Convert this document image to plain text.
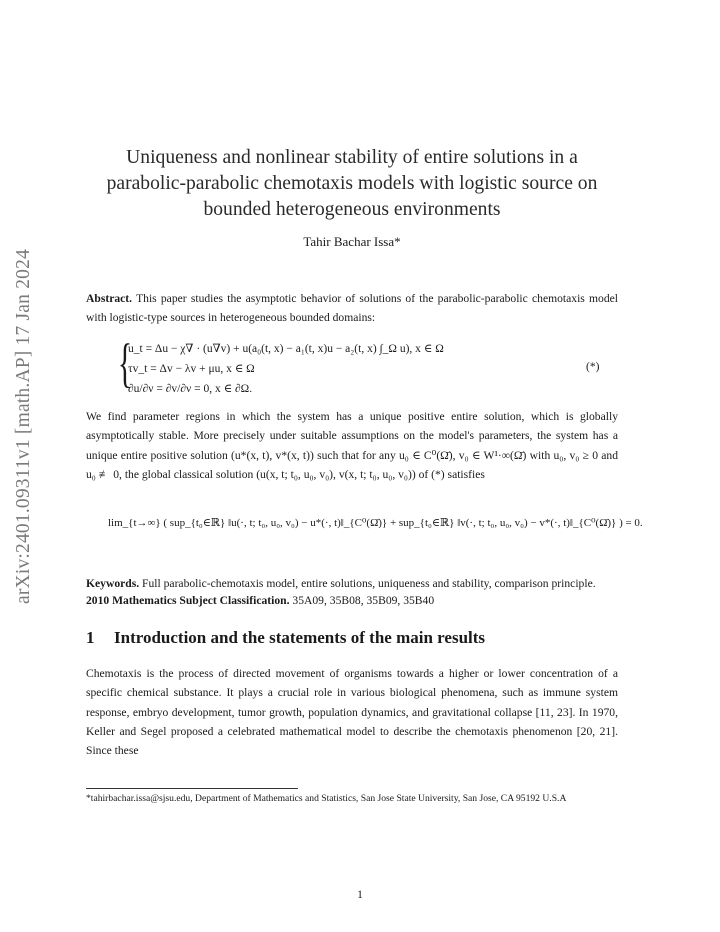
arXiv:2401.09311v1 [math.AP] 17 Jan 2024
Uniqueness and nonlinear stability of entire solutions in a parabolic-parabolic chemotaxis models with logistic source on bounded heterogeneous environments
Tahir Bachar Issa*
Abstract. This paper studies the asymptotic behavior of solutions of the parabolic-parabolic chemotaxis model with logistic-type sources in heterogeneous bounded domains:
{
u_t = Δu − χ∇ · (u∇v) + u(a₀(t, x) − a₁(t, x)u − a₂(t, x) ∫_Ω u), x ∈ Ω
τv_t = Δv − λv + μu, x ∈ Ω
∂u/∂ν = ∂v/∂ν = 0, x ∈ ∂Ω.
(*)
We find parameter regions in which the system has a unique positive entire solution, which is globally asymptotically stable. More precisely under suitable assumptions on the model's parameters, the system has a unique entire positive solution (u*(x, t), v*(x, t)) such that for any u₀ ∈ C⁰(Ω̄), v₀ ∈ W¹·∞(Ω̄) with u₀, v₀ ≥ 0 and u₀ ≢ 0, the global classical solution (u(x, t; t₀, u₀, v₀), v(x, t; t₀, u₀, v₀)) of (*) satisfies
lim_{t→∞} ( sup_{t₀∈ℝ} ‖u(·, t; t₀, u₀, v₀) − u*(·, t)‖_{C⁰(Ω̄)} + sup_{t₀∈ℝ} ‖v(·, t; t₀, u₀, v₀) − v*(·, t)‖_{C⁰(Ω̄)} ) = 0.
Keywords. Full parabolic-chemotaxis model, entire solutions, uniqueness and stability, comparison principle.
2010 Mathematics Subject Classification. 35A09, 35B08, 35B09, 35B40
1 Introduction and the statements of the main results
Chemotaxis is the process of directed movement of organisms towards a higher or lower concentration of a specific chemical substance. It plays a crucial role in various biological phenomena, such as immune system response, embryo development, tumor growth, population dynamics, and gravitational collapse [11, 23]. In 1970, Keller and Segel proposed a celebrated mathematical model to describe the chemotaxis phenomenon [20, 21]. Since these
*tahirbachar.issa@sjsu.edu, Department of Mathematics and Statistics, San Jose State University, San Jose, CA 95192 U.S.A
1
